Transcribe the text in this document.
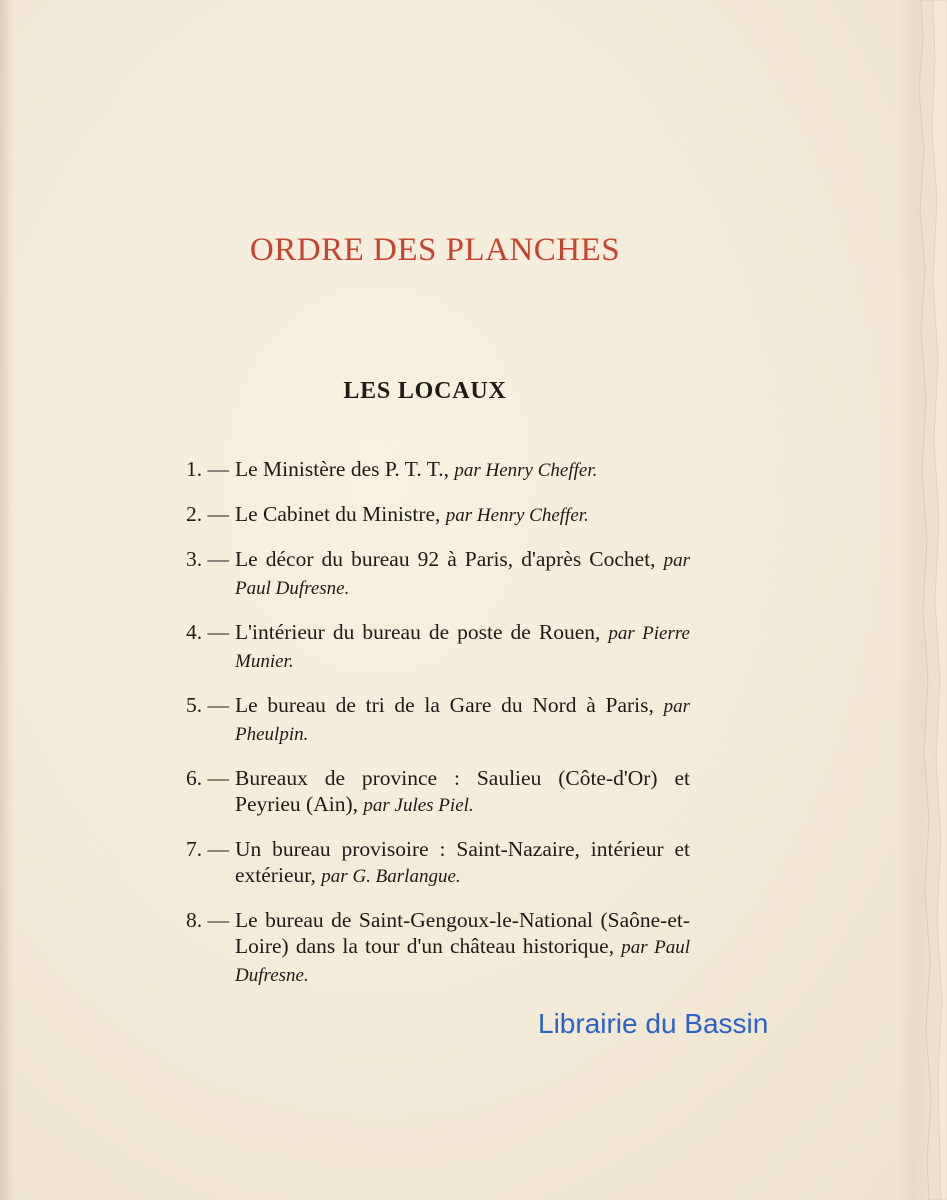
ORDRE DES PLANCHES
LES LOCAUX
1. — Le Ministère des P. T. T., par Henry Cheffer.
2. — Le Cabinet du Ministre, par Henry Cheffer.
3. — Le décor du bureau 92 à Paris, d'après Cochet, par Paul Dufresne.
4. — L'intérieur du bureau de poste de Rouen, par Pierre Munier.
5. — Le bureau de tri de la Gare du Nord à Paris, par Pheulpin.
6. — Bureaux de province : Saulieu (Côte-d'Or) et Peyrieu (Ain), par Jules Piel.
7. — Un bureau provisoire : Saint-Nazaire, intérieur et extérieur, par G. Barlangue.
8. — Le bureau de Saint-Gengoux-le-National (Saône-et-Loire) dans la tour d'un château historique, par Paul Dufresne.
Librairie du Bassin
